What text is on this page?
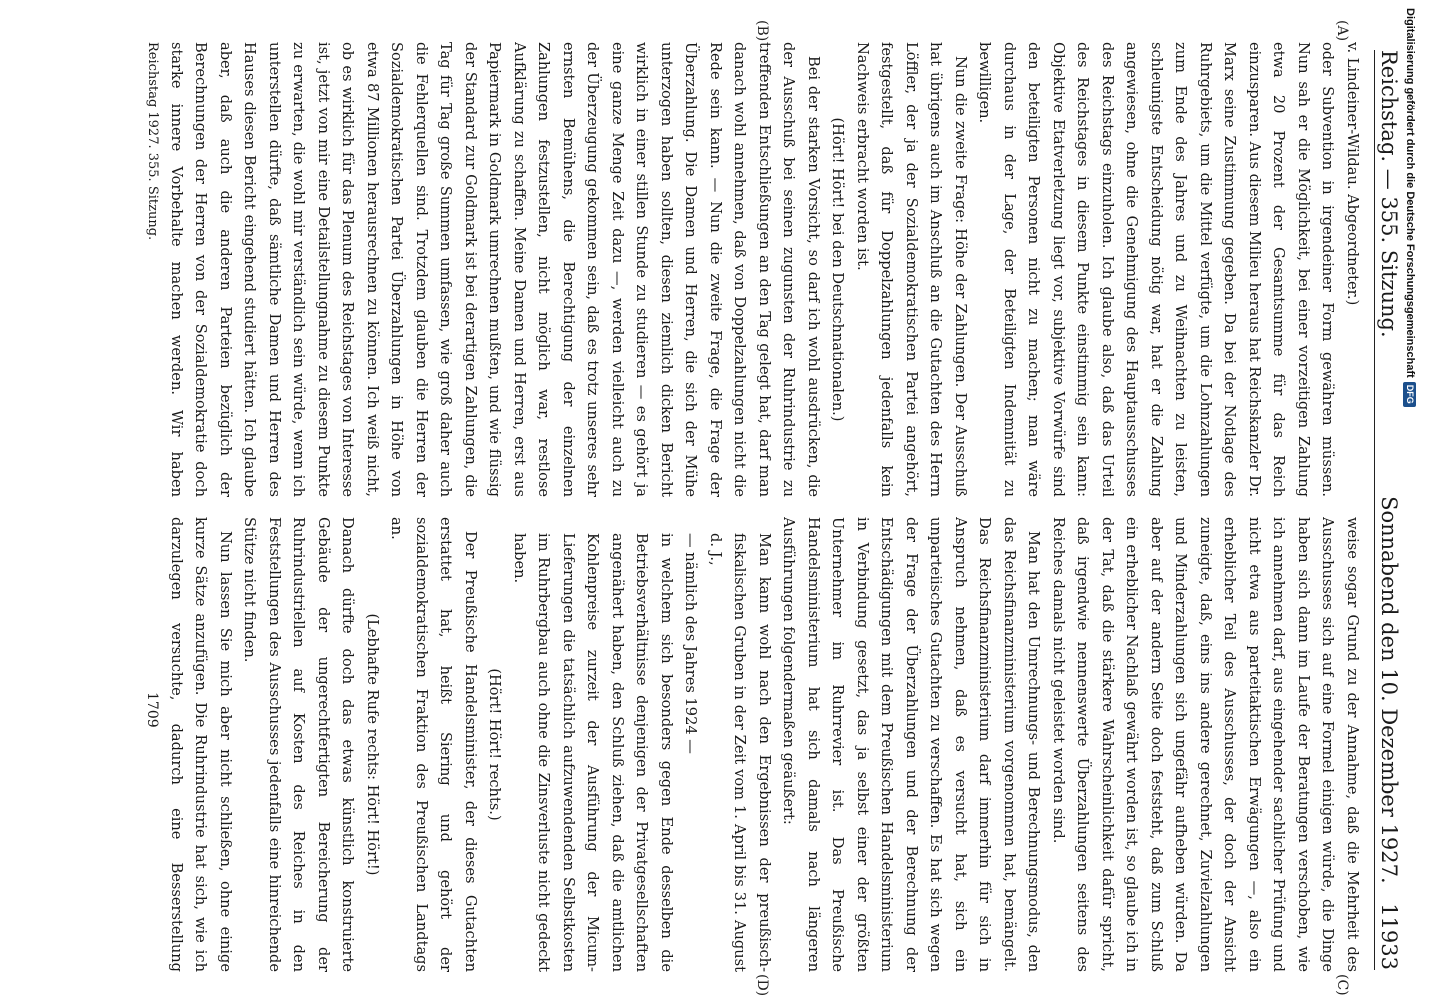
Reichstag. — 355. Sitzung.
Sonnabend den 10. Dezember 1927.
11933
(A)
(B)
(C)
(D)

v. Lindeiner-Wildau. Abgeordneter.)

oder Subvention in irgendeiner Form gewähren müssen. Nun sah er die Möglichkeit, bei einer vorzeitigen Zahlung etwa 20 Prozent der Gesamtsumme für das Reich einzusparen. Aus diesem Milieu heraus hat Reichskanzler Dr. Marx seine Zustimmung gegeben. Da bei der Notlage des Ruhrgebiets, um die Mittel verfügte, um die Lohnzahlungen zum Ende des Jahres und zu Weihnachten zu leisten, schleunigste Entscheidung nötig war, hat er die Zahlung angewiesen, ohne die Genehmigung des Hauptausschusses des Reichstags einzuholen. Ich glaube also, daß das Urteil des Reichstages in diesem Punkte einstimmig sein kann: Objektive Etatverletzung liegt vor, subjektive Vorwürfe sind den beteiligten Personen nicht zu machen; man wäre durchaus in der Lage, der Beteiligten Indemnität zu bewilligen.

Nun die zweite Frage: Höhe der Zahlungen. Der Ausschuß hat übrigens auch im Anschluß an die Gutachten des Herrn Löffler, der ja der Sozialdemokratischen Partei angehört, festgestellt, daß für Doppelzahlungen jedenfalls kein Nachweis erbracht worden ist.

(Hört! Hört! bei den Deutschnationalen.)

Bei der starken Vorsicht, so darf ich wohl ausdrücken, die der Ausschuß bei seinen zugunsten der Ruhrindustrie zu treffenden Entschließungen an den Tag gelegt hat, darf man danach wohl annehmen, daß von Doppelzahlungen nicht die Rede sein kann. — Nun die zweite Frage, die Frage der Überzahlung. Die Damen und Herren, die sich der Mühe unterzogen haben sollten, diesen ziemlich dicken Bericht wirklich in einer stillen Stunde zu studieren — es gehört ja eine ganze Menge Zeit dazu —, werden vielleicht auch zu der Überzeugung gekommen sein, daß es trotz unseres sehr ernsten Bemühens, die Berechtigung der einzelnen Zahlungen festzustellen, nicht möglich war, restlose Aufklärung zu schaffen. Meine Damen und Herren, erst aus Papiermark in Goldmark umrechnen mußten, und wie flüssig der Standard zur Goldmark ist bei derartigen Zahlungen, die Tag für Tag große Summen umfassen, wie groß daher auch die Fehlerquellen sind. Trotzdem glauben die Herren der Sozialdemokratischen Partei Überzahlungen in Höhe von etwa 87 Millionen herausrechnen zu können. Ich weiß nicht, ob es wirklich für das Plenum des Reichstages von Interesse ist, jetzt von mir eine Detailstellungnahme zu diesem Punkte zu erwarten, die wohl mir verständlich sein würde, wenn ich unterstellen dürfte, daß sämtliche Damen und Herren des Hauses diesen Bericht eingehend studiert hätten. Ich glaube aber, daß auch die anderen Parteien bezüglich der Berechnungen der Herren von der Sozialdemokratie doch starke innere Vorbehalte machen werden. Wir haben

weise sogar Grund zu der Annahme, daß die Mehrheit des Ausschusses sich auf eine Formel einigen würde, die Dinge haben sich dann im Laufe der Beratungen verschoben, wie ich annehmen darf, aus eingehender sachlicher Prüfung und nicht etwa aus parteitaktischen Erwägungen —, also ein erheblicher Teil des Ausschusses, der doch der Ansicht zuneigte, daß, eins ins andere gerechnet, Zuvielzahlungen und Minderzahlungen sich ungefähr aufheben würden. Da aber auf der andern Seite doch feststeht, daß zum Schluß ein erheblicher Nachlaß gewährt worden ist, so glaube ich in der Tat, daß die stärkere Wahrscheinlichkeit dafür spricht, daß irgendwie nennenswerte Überzahlungen seitens des Reiches damals nicht geleistet worden sind.

Man hat den Umrechnungs- und Berechnungsmodus, den das Reichsfinanzministerium vorgenommen hat, bemängelt. Das Reichsfinanzministerium darf immerhin für sich in Anspruch nehmen, daß es versucht hat, sich ein unparteiisches Gutachten zu verschaffen. Es hat sich wegen der Frage der Überzahlungen und der Berechnung der Entschädigungen mit dem Preußischen Handelsministerium in Verbindung gesetzt, das ja selbst einer der größten Unternehmer im Ruhrrevier ist. Das Preußische Handelsministerium hat sich damals nach längeren Ausführungen folgendermaßen geäußert:

Man kann wohl nach den Ergebnissen der preußisch-fiskalischen Gruben in der Zeit vom 1. April bis 31. August d. J.,

— nämlich des Jahres 1924 —

in welchem sich besonders gegen Ende desselben die Betriebsverhältnisse denjenigen der Privatgesellschaften angenähert haben, den Schluß ziehen, daß die amtlichen Kohlenpreise zurzeit der Ausführung der Micum-Lieferungen die tatsächlich aufzuwendenden Selbstkosten im Ruhrbergbau auch ohne die Zinsverluste nicht gedeckt haben.

(Hört! Hört! rechts.)

Der Preußische Handelsminister, der dieses Gutachten erstattet hat, heißt Siering und gehört der sozialdemokratischen Fraktion des Preußischen Landtags an.

(Lebhafte Rufe rechts: Hört! Hört!)

Danach dürfte doch das etwas künstlich konstruierte Gebäude der ungerechtfertigten Bereicherung der Ruhrindustriellen auf Kosten des Reiches in den Feststellungen des Ausschusses jedenfalls eine hinreichende Stütze nicht finden.

Nun lassen Sie mich aber nicht schließen, ohne einige kurze Sätze anzufügen. Die Ruhrindustrie hat sich, wie ich darzulegen versuchte, dadurch eine Besserstellung

Reichstag 1927. 355. Sitzung.
1709
Digitalisierung gefördert durch die Deutsche Forschungsgemeinschaft
DFG
